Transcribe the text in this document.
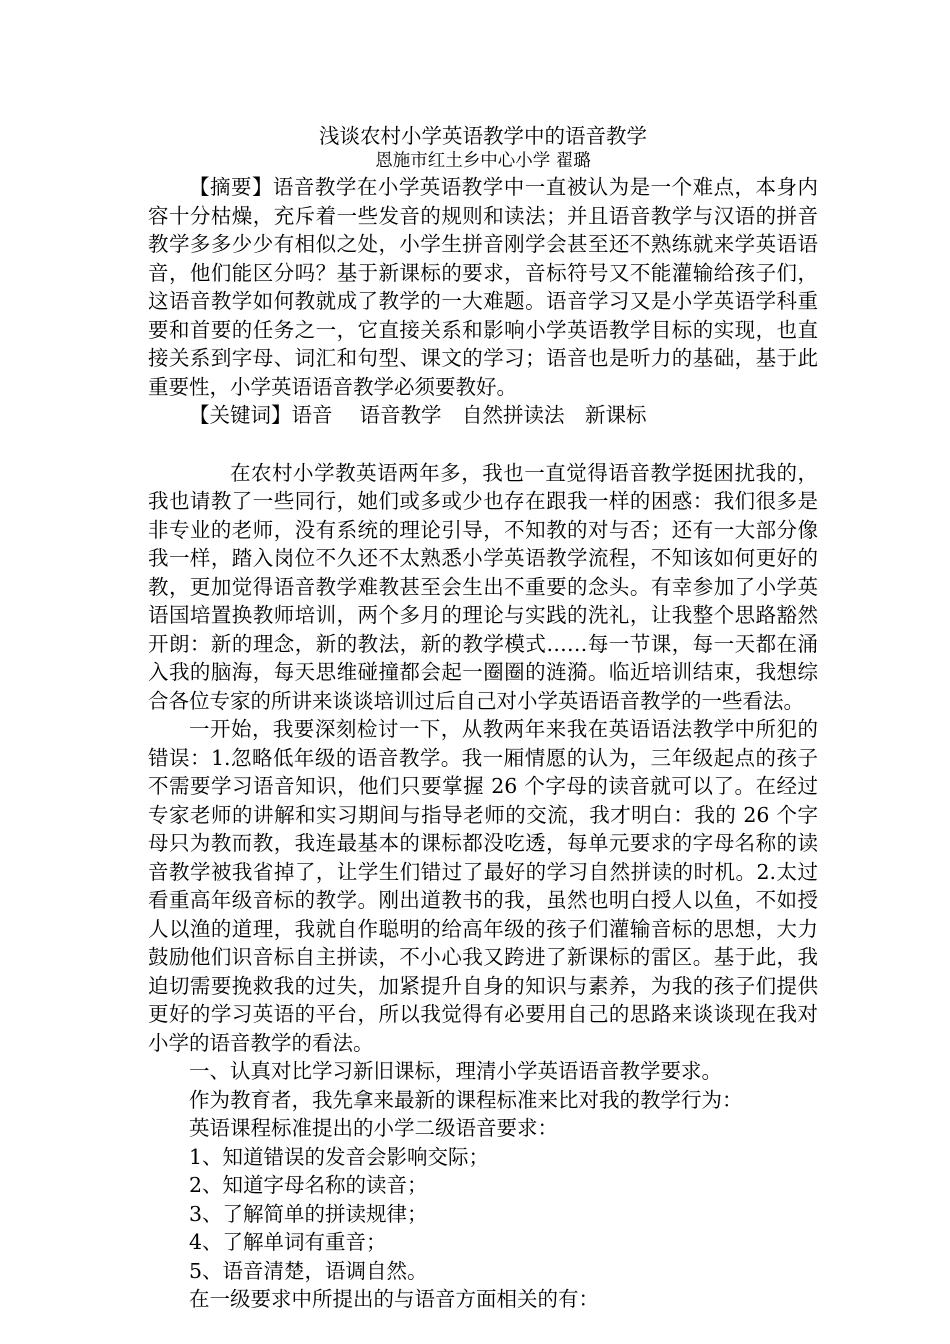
浅谈农村小学英语教学中的语音教学
恩施市红土乡中心小学 翟璐

【摘要】语音教学在小学英语教学中一直被认为是一个难点，本身内容十分枯燥，充斥着一些发音的规则和读法；并且语音教学与汉语的拼音教学多多少少有相似之处，小学生拼音刚学会甚至还不熟练就来学英语语音，他们能区分吗？基于新课标的要求，音标符号又不能灌输给孩子们，这语音教学如何教就成了教学的一大难题。语音学习又是小学英语学科重要和首要的任务之一，它直接关系和影响小学英语教学目标的实现，也直接关系到字母、词汇和句型、课文的学习；语音也是听力的基础，基于此重要性，小学英语语音教学必须要教好。

【关键词】语音　 语音教学　自然拼读法　新课标

在农村小学教英语两年多，我也一直觉得语音教学挺困扰我的，我也请教了一些同行，她们或多或少也存在跟我一样的困惑：我们很多是非专业的老师，没有系统的理论引导，不知教的对与否；还有一大部分像我一样，踏入岗位不久还不太熟悉小学英语教学流程，不知该如何更好的教，更加觉得语音教学难教甚至会生出不重要的念头。有幸参加了小学英语国培置换教师培训，两个多月的理论与实践的洗礼，让我整个思路豁然开朗：新的理念，新的教法，新的教学模式……每一节课，每一天都在涌入我的脑海，每天思维碰撞都会起一圈圈的涟漪。临近培训结束，我想综合各位专家的所讲来谈谈培训过后自己对小学英语语音教学的一些看法。

一开始，我要深刻检讨一下，从教两年来我在英语语法教学中所犯的错误：1.忽略低年级的语音教学。我一厢情愿的认为，三年级起点的孩子不需要学习语音知识，他们只要掌握 26 个字母的读音就可以了。在经过专家老师的讲解和实习期间与指导老师的交流，我才明白：我的 26 个字母只为教而教，我连最基本的课标都没吃透，每单元要求的字母名称的读音教学被我省掉了，让学生们错过了最好的学习自然拼读的时机。2.太过看重高年级音标的教学。刚出道教书的我，虽然也明白授人以鱼，不如授人以渔的道理，我就自作聪明的给高年级的孩子们灌输音标的思想，大力鼓励他们识音标自主拼读，不小心我又跨进了新课标的雷区。基于此，我迫切需要挽救我的过失，加紧提升自身的知识与素养，为我的孩子们提供更好的学习英语的平台，所以我觉得有必要用自己的思路来谈谈现在我对小学的语音教学的看法。

一、认真对比学习新旧课标，理清小学英语语音教学要求。

作为教育者，我先拿来最新的课程标准来比对我的教学行为：

英语课程标准提出的小学二级语音要求：

1、知道错误的发音会影响交际；

2、知道字母名称的读音；

3、了解简单的拼读规律；

4、了解单词有重音；

5、语音清楚，语调自然。

在一级要求中所提出的与语音方面相关的有：
